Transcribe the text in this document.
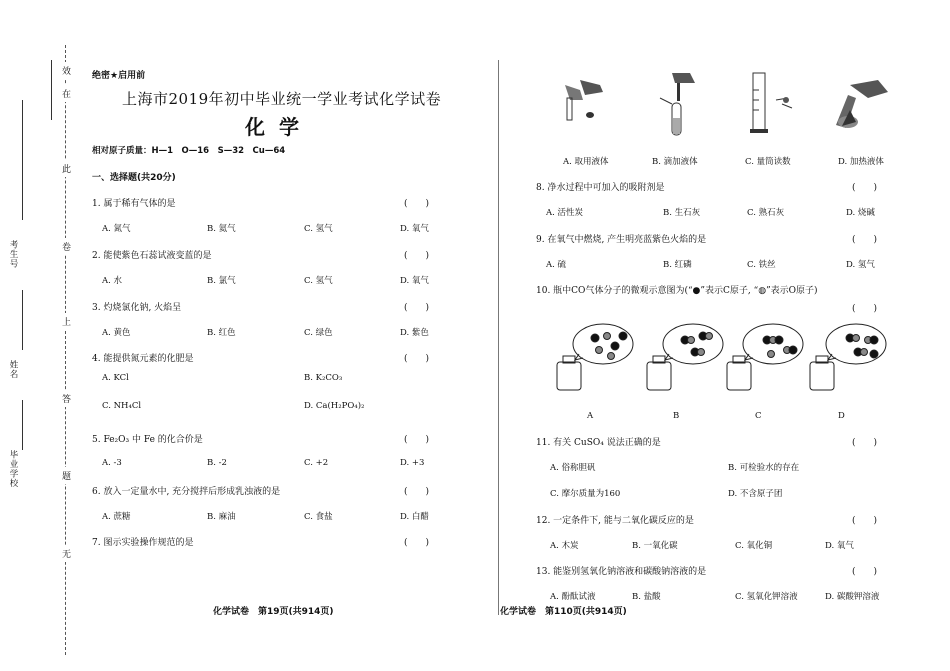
效
在
此
卷
上
答
题
无
考生号
姓名
毕业学校
绝密★启用前
上海市2019年初中毕业统一学业考试化学试卷
化学
相对原子质量：H—1　O—16　S—32　Cu—64
一、选择题(共20分)
1. 属于稀有气体的是	(　　)
A. 氮气	B. 氦气	C. 氢气	D. 氧气
2. 能使紫色石蕊试液变蓝的是	(　　)
A. 水	B. 氯气	C. 氢气	D. 氧气
3. 灼烧氯化钠, 火焰呈	(　　)
A. 黄色	B. 红色	C. 绿色	D. 紫色
4. 能提供氮元素的化肥是	(　　)
A. KCl	B. K₂CO₃
C. NH₄Cl	D. Ca(H₂PO₄)₂
5. Fe₂O₃ 中 Fe 的化合价是	(　　)
A. -3	B. -2	C. +2	D. +3
6. 放入一定量水中, 充分搅拌后形成乳浊液的是	(　　)
A. 蔗糖	B. 麻油	C. 食盐	D. 白醋
7. 图示实验操作规范的是	(　　)
A. 取用液体	B. 滴加液体	C. 量筒读数	D. 加热液体
8. 净水过程中可加入的吸附剂是	(　　)
A. 活性炭	B. 生石灰	C. 熟石灰	D. 烧碱
9. 在氧气中燃烧, 产生明亮蓝紫色火焰的是	(　　)
A. 硫	B. 红磷	C. 铁丝	D. 氢气
10. 瓶中CO气体分子的微观示意图为(“●”表示C原子, “◍”表示O原子)
(　　)
11. 有关 CuSO₄ 说法正确的是	(　　)
A. 俗称胆矾	B. 可检验水的存在
C. 摩尔质量为160	D. 不含原子团
12. 一定条件下, 能与二氧化碳反应的是	(　　)
A. 木炭	B. 一氧化碳	C. 氧化铜	D. 氧气
13. 能鉴别氢氧化钠溶液和碳酸钠溶液的是	(　　)
A. 酚酞试液	B. 盐酸	C. 氢氧化钾溶液	D. 碳酸钾溶液
A	B	C	D
化学试卷　第19页(共914页)	化学试卷　第110页(共914页)
